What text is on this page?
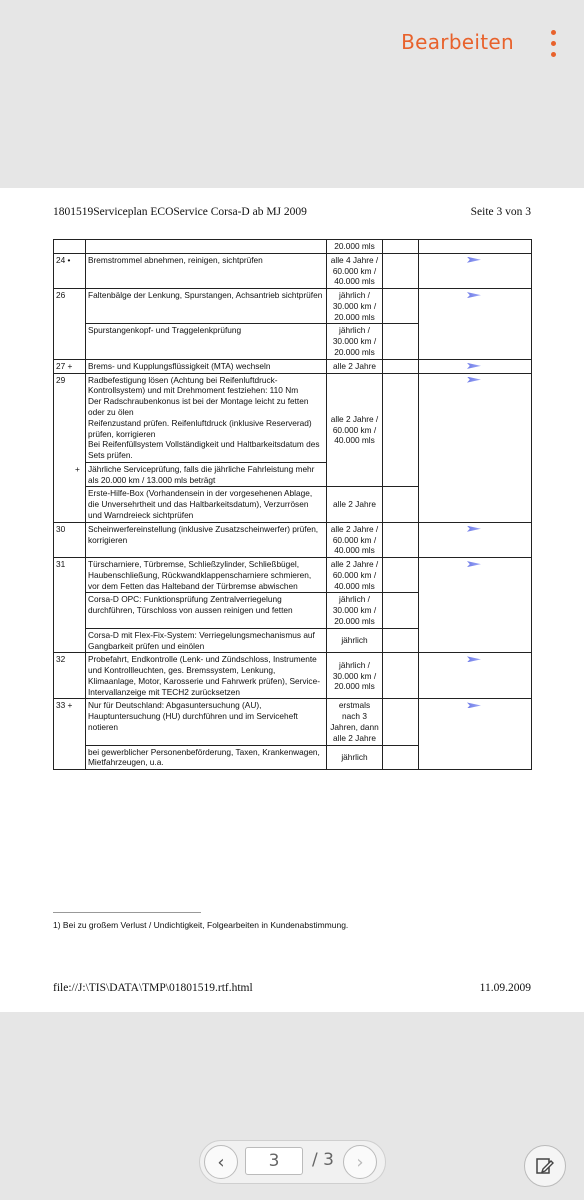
Bearbeiten
1801519Serviceplan ECOService Corsa-D ab MJ 2009	Seite 3 von 3
		20.000 mls		
24 •	Bremstrommel abnehmen, reinigen, sichtprüfen	alle 4 Jahre / 60.000 km / 40.000 mls		

26	Faltenbälge der Lenkung, Spurstangen, Achsantrieb sichtprüfen	jährlich / 30.000 km / 20.000 mls		

	Spurstangenkopf- und Traggelenkprüfung	jährlich / 30.000 km / 20.000 mls		
27 +	Brems- und Kupplungsflüssigkeit (MTA) wechseln	alle 2 Jahre		

29	Radbefestigung lösen (Achtung bei Reifenluftdruck-Kontrollsystem) und mit Drehmoment festziehen: 110 Nm
Der Radschraubenkonus ist bei der Montage leicht zu fetten oder zu ölen
Reifenzustand prüfen. Reifenluftdruck (inklusive Reserverad) prüfen, korrigieren
Bei Reifenfüllsystem Vollständigkeit und Haltbarkeitsdatum des Sets prüfen.	alle 2 Jahre / 60.000 km / 40.000 mls		

	+ Jährliche Serviceprüfung, falls die jährliche Fahrleistung mehr als 20.000 km / 13.000 mls beträgt			
	Erste-Hilfe-Box (Vorhandensein in der vorgesehenen Ablage, die Unversehrtheit und das Haltbarkeitsdatum), Verzurrösen und Warndreieck sichtprüfen	alle 2 Jahre		
30	Scheinwerfereinstellung (inklusive Zusatzscheinwerfer) prüfen, korrigieren	alle 2 Jahre / 60.000 km / 40.000 mls		

31	Türscharniere, Türbremse, Schließzylinder, Schließbügel, Haubenschließung, Rückwandklappenscharniere schmieren, vor dem Fetten das Halteband der Türbremse abwischen	alle 2 Jahre / 60.000 km / 40.000 mls		

	Corsa-D OPC: Funktionsprüfung Zentralverriegelung durchführen, Türschloss von aussen reinigen und fetten	jährlich / 30.000 km / 20.000 mls		
	Corsa-D mit Flex-Fix-System: Verriegelungsmechanismus auf Gangbarkeit prüfen und einölen	jährlich		
32	Probefahrt, Endkontrolle (Lenk- und Zündschloss, Instrumente und Kontrollleuchten, ges. Bremssystem, Lenkung, Klimaanlage, Motor, Karosserie und Fahrwerk prüfen), Service-Intervallanzeige mit TECH2 zurücksetzen	jährlich / 30.000 km / 20.000 mls		

33 +	Nur für Deutschland: Abgasuntersuchung (AU), Hauptuntersuchung (HU) durchführen und im Serviceheft notieren	erstmals nach 3 Jahren, dann alle 2 Jahre		

	bei gewerblicher Personenbeförderung, Taxen, Krankenwagen, Mietfahrzeugen, u.a.	jährlich		
1) Bei zu großem Verlust / Undichtigkeit, Folgearbeiten in Kundenabstimmung.
file://J:\TIS\DATA\TMP\01801519.rtf.html	11.09.2009
‹
3	/ 3	›
